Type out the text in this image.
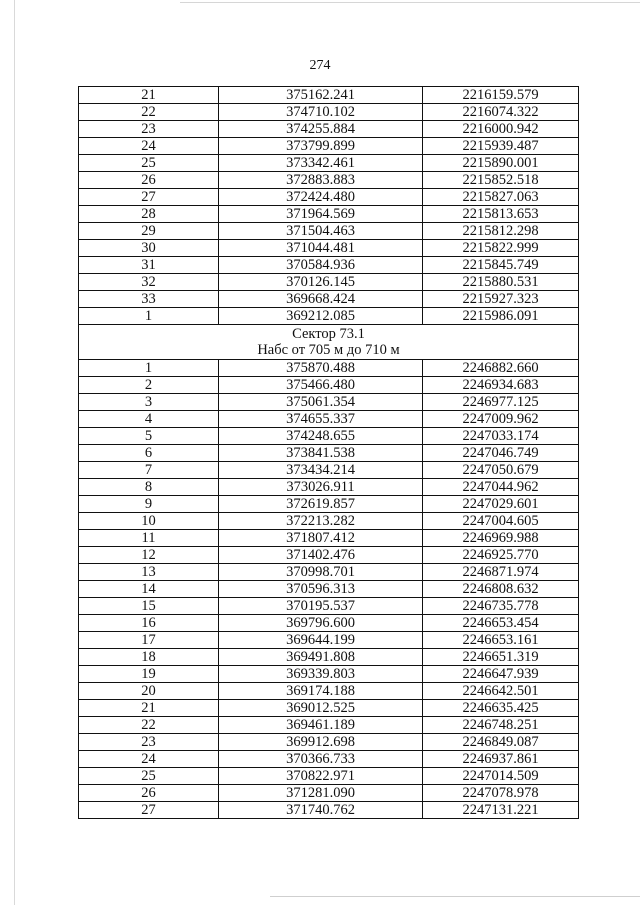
274
21	375162.241	2216159.579
22	374710.102	2216074.322
23	374255.884	2216000.942
24	373799.899	2215939.487
25	373342.461	2215890.001
26	372883.883	2215852.518
27	372424.480	2215827.063
28	371964.569	2215813.653
29	371504.463	2215812.298
30	371044.481	2215822.999
31	370584.936	2215845.749
32	370126.145	2215880.531
33	369668.424	2215927.323
1	369212.085	2215986.091

Сектор 73.1
Набс от 705 м до 710 м		

1	375870.488	2246882.660
2	375466.480	2246934.683
3	375061.354	2246977.125
4	374655.337	2247009.962
5	374248.655	2247033.174
6	373841.538	2247046.749
7	373434.214	2247050.679
8	373026.911	2247044.962
9	372619.857	2247029.601
10	372213.282	2247004.605
11	371807.412	2246969.988
12	371402.476	2246925.770
13	370998.701	2246871.974
14	370596.313	2246808.632
15	370195.537	2246735.778
16	369796.600	2246653.454
17	369644.199	2246653.161
18	369491.808	2246651.319
19	369339.803	2246647.939
20	369174.188	2246642.501
21	369012.525	2246635.425
22	369461.189	2246748.251
23	369912.698	2246849.087
24	370366.733	2246937.861
25	370822.971	2247014.509
26	371281.090	2247078.978
27	371740.762	2247131.221
